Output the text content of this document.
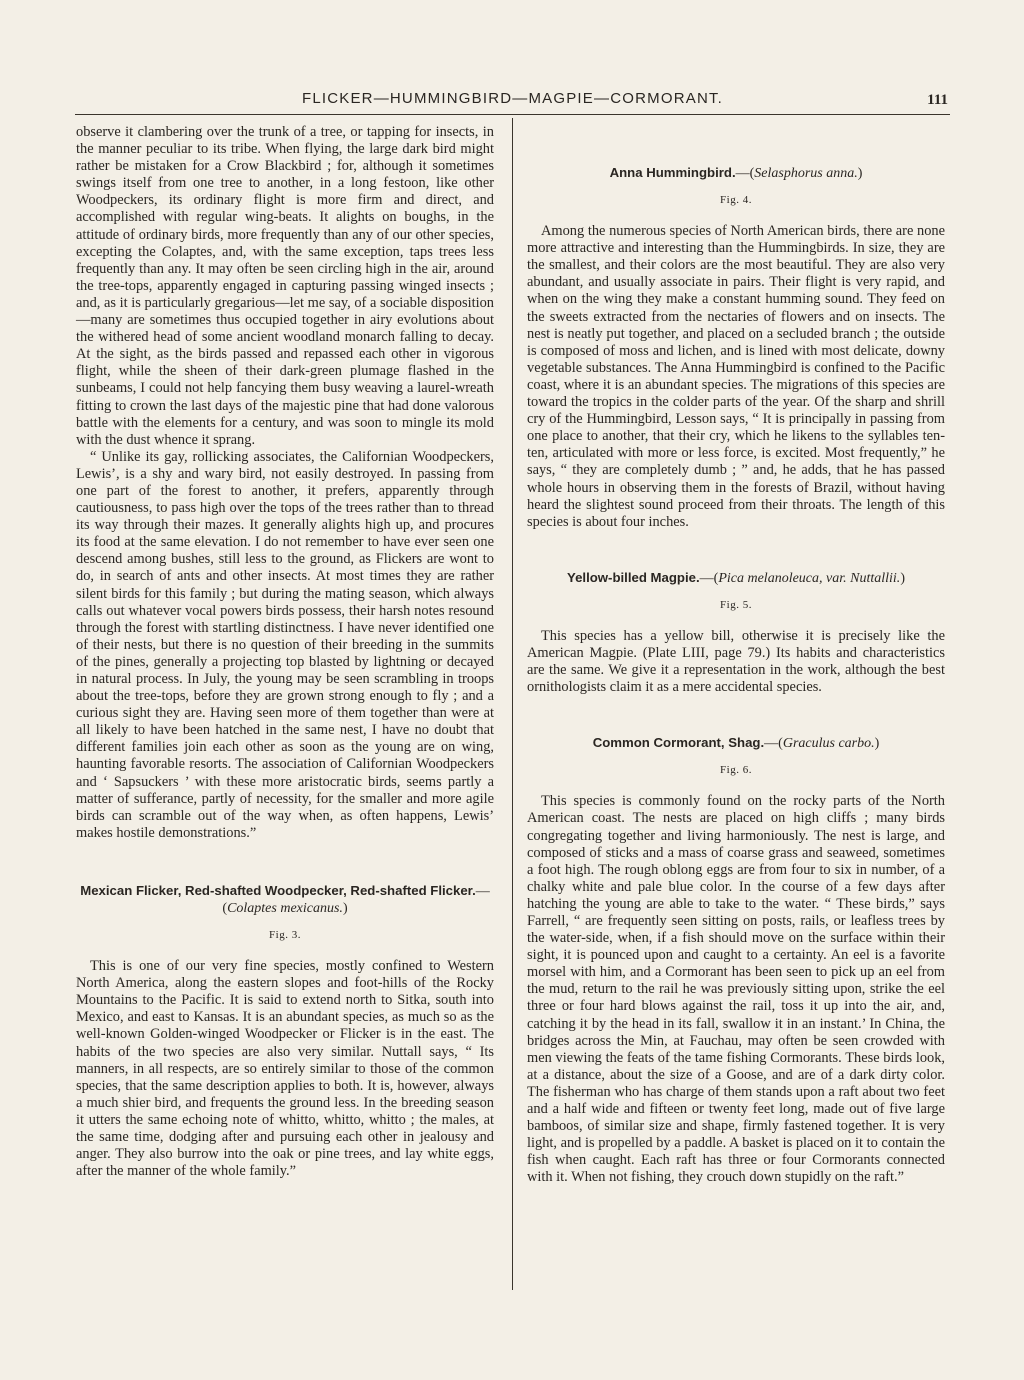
FLICKER—HUMMINGBIRD—MAGPIE—CORMORANT.	111

observe it clambering over the trunk of a tree, or tapping for insects, in the manner peculiar to its tribe. When flying, the large dark bird might rather be mistaken for a Crow Blackbird ; for, although it sometimes swings itself from one tree to another, in a long festoon, like other Woodpeckers, its ordinary flight is more firm and direct, and accomplished with regular wing-beats. It alights on boughs, in the attitude of ordinary birds, more frequently than any of our other species, excepting the Colaptes, and, with the same exception, taps trees less frequently than any. It may often be seen circling high in the air, around the tree-tops, apparently engaged in capturing passing winged insects ; and, as it is particularly gregarious—let me say, of a sociable disposition—many are sometimes thus occupied together in airy evolutions about the withered head of some ancient woodland monarch falling to decay. At the sight, as the birds passed and repassed each other in vigorous flight, while the sheen of their dark-green plumage flashed in the sunbeams, I could not help fancying them busy weaving a laurel-wreath fitting to crown the last days of the majestic pine that had done valorous battle with the elements for a century, and was soon to mingle its mold with the dust whence it sprang.

“ Unlike its gay, rollicking associates, the Californian Woodpeckers, Lewis’, is a shy and wary bird, not easily destroyed. In passing from one part of the forest to another, it prefers, apparently through cautiousness, to pass high over the tops of the trees rather than to thread its way through their mazes. It generally alights high up, and procures its food at the same elevation. I do not remember to have ever seen one descend among bushes, still less to the ground, as Flickers are wont to do, in search of ants and other insects. At most times they are rather silent birds for this family ; but during the mating season, which always calls out whatever vocal powers birds possess, their harsh notes resound through the forest with startling distinctness. I have never identified one of their nests, but there is no question of their breeding in the summits of the pines, generally a projecting top blasted by lightning or decayed in natural process. In July, the young may be seen scrambling in troops about the tree-tops, before they are grown strong enough to fly ; and a curious sight they are. Having seen more of them together than were at all likely to have been hatched in the same nest, I have no doubt that different families join each other as soon as the young are on wing, haunting favorable resorts. The association of Californian Woodpeckers and ‘ Sapsuckers ’ with these more aristocratic birds, seems partly a matter of sufferance, partly of necessity, for the smaller and more agile birds can scramble out of the way when, as often happens, Lewis’ makes hostile demonstrations.”

Mexican Flicker, Red-shafted Woodpecker, Red-shafted Flicker.—(Colaptes mexicanus.)
Fig. 3.

This is one of our very fine species, mostly confined to Western North America, along the eastern slopes and foot-hills of the Rocky Mountains to the Pacific. It is said to extend north to Sitka, south into Mexico, and east to Kansas. It is an abundant species, as much so as the well-known Golden-winged Woodpecker or Flicker is in the east. The habits of the two species are also very similar. Nuttall says, “ Its manners, in all respects, are so entirely similar to those of the common species, that the same description applies to both. It is, however, always a much shier bird, and frequents the ground less. In the breeding season it utters the same echoing note of whitto, whitto, whitto ; the males, at the same time, dodging after and pursuing each other in jealousy and anger. They also burrow into the oak or pine trees, and lay white eggs, after the manner of the whole family.”

Anna Hummingbird.—(Selasphorus anna.)
Fig. 4.

Among the numerous species of North American birds, there are none more attractive and interesting than the Hummingbirds. In size, they are the smallest, and their colors are the most beautiful. They are also very abundant, and usually associate in pairs. Their flight is very rapid, and when on the wing they make a constant humming sound. They feed on the sweets extracted from the nectaries of flowers and on insects. The nest is neatly put together, and placed on a secluded branch ; the outside is composed of moss and lichen, and is lined with most delicate, downy vegetable substances. The Anna Hummingbird is confined to the Pacific coast, where it is an abundant species. The migrations of this species are toward the tropics in the colder parts of the year. Of the sharp and shrill cry of the Hummingbird, Lesson says, “ It is principally in passing from one place to another, that their cry, which he likens to the syllables ten-ten, articulated with more or less force, is excited. Most frequently,” he says, “ they are completely dumb ; ” and, he adds, that he has passed whole hours in observing them in the forests of Brazil, without having heard the slightest sound proceed from their throats. The length of this species is about four inches.

Yellow-billed Magpie.—(Pica melanoleuca, var. Nuttallii.)
Fig. 5.

This species has a yellow bill, otherwise it is precisely like the American Magpie. (Plate LIII, page 79.) Its habits and characteristics are the same. We give it a representation in the work, although the best ornithologists claim it as a mere accidental species.

Common Cormorant, Shag.—(Graculus carbo.)
Fig. 6.

This species is commonly found on the rocky parts of the North American coast. The nests are placed on high cliffs ; many birds congregating together and living harmoniously. The nest is large, and composed of sticks and a mass of coarse grass and seaweed, sometimes a foot high. The rough oblong eggs are from four to six in number, of a chalky white and pale blue color. In the course of a few days after hatching the young are able to take to the water. “ These birds,” says Farrell, “ are frequently seen sitting on posts, rails, or leafless trees by the water-side, when, if a fish should move on the surface within their sight, it is pounced upon and caught to a certainty. An eel is a favorite morsel with him, and a Cormorant has been seen to pick up an eel from the mud, return to the rail he was previously sitting upon, strike the eel three or four hard blows against the rail, toss it up into the air, and, catching it by the head in its fall, swallow it in an instant.’ In China, the bridges across the Min, at Fauchau, may often be seen crowded with men viewing the feats of the tame fishing Cormorants. These birds look, at a distance, about the size of a Goose, and are of a dark dirty color. The fisherman who has charge of them stands upon a raft about two feet and a half wide and fifteen or twenty feet long, made out of five large bamboos, of similar size and shape, firmly fastened together. It is very light, and is propelled by a paddle. A basket is placed on it to contain the fish when caught. Each raft has three or four Cormorants connected with it. When not fishing, they crouch down stupidly on the raft.”
